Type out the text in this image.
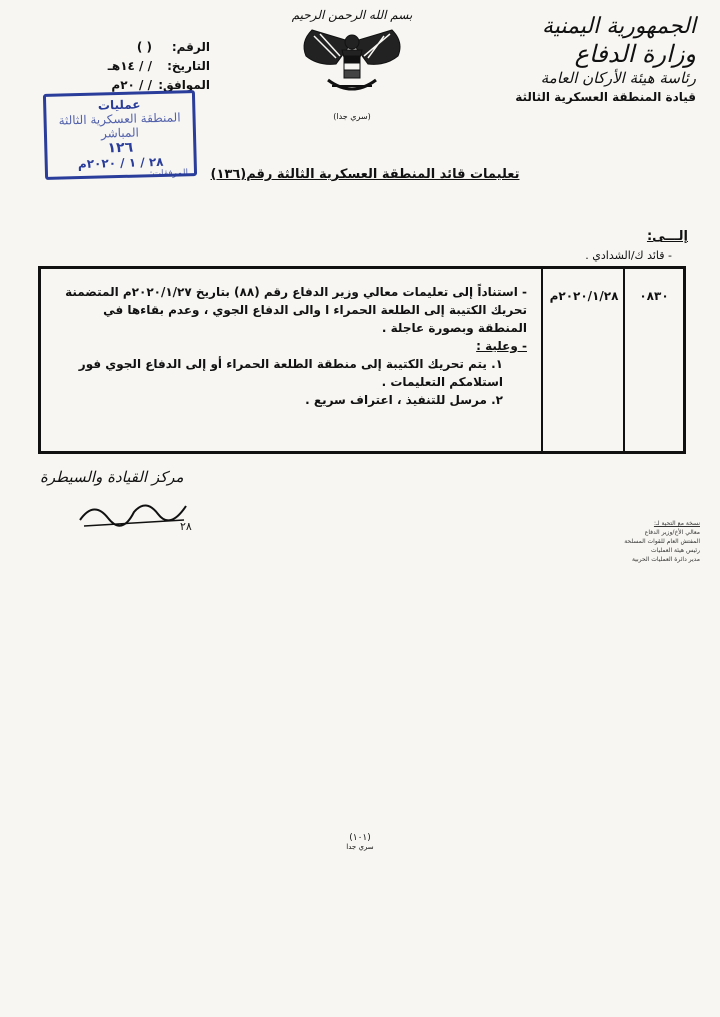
الجمهورية اليمنية
وزارة الدفاع
رئاسة هيئة الأركان العامة
قيادة المنطقة العسكرية الثالثة
بسم الله الرحمن الرحيم
(سري جدا)
الرقم:
( )
التاريخ:
/ / ١٤هـ
الموافق:
/ / ٢٠م
عمليات
المنطقة العسكرية الثالثة
المباشر
١٢٦
٢٨ / ١ / ٢٠٢٠م
المرفقات:	تعليمات قائد المنطقة العسكرية الثالثة رقم(١٣٦)
إلـــى:
- قائد ك/الشدادي .
٠٨٣٠
٢٠٢٠/١/٢٨م

- استناداً إلى تعليمات معالي وزير الدفاع رقم (٨٨) بتاريخ ٢٠٢٠/١/٢٧م المتضمنة تحريك الكتيبة إلى الطلعة الحمراء ا والى الدفاع الجوي ، وعدم بقاءها في المنطقة وبصورة عاجلة .

- وعلية :

١. يتم تحريك الكتيبة إلى منطقة الطلعة الحمراء أو إلى الدفاع الجوي فور استلامكم التعليمات .

٢. مرسل للتنفيذ ، اعتراف سريع .

مركز القيادة والسيطرة
٢٨	نسخة مع التحية لـ:
معالي الأخ/وزير الدفاع
المفتش العام للقوات المسلحة
رئيس هيئة العمليات
مدير دائرة العمليات الحربية
(١٠١)
سري جدا
